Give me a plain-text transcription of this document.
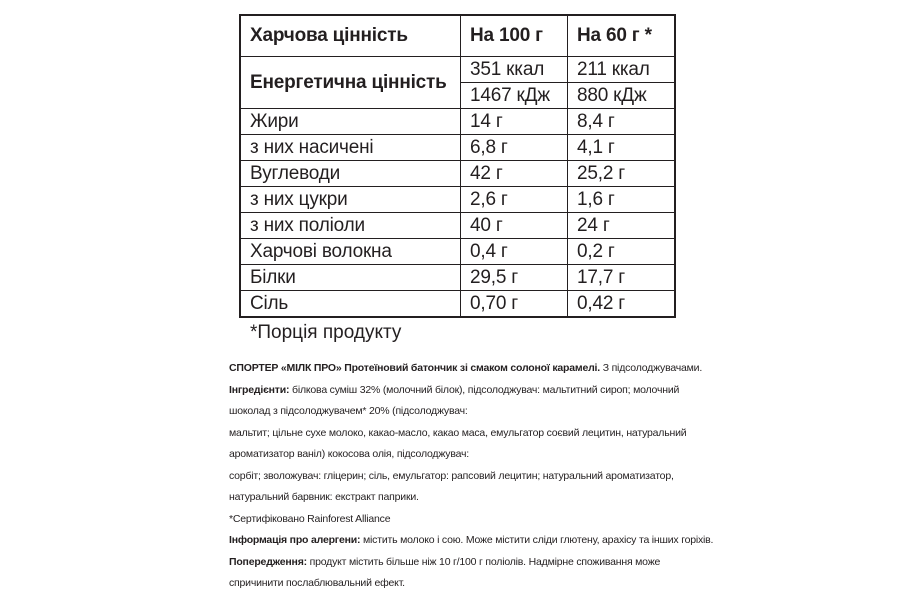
Харчова цінність	На 100 г	На 60 г *
Енергетична цінність	351 ккал	211 ккал
	1467 кДж	880 кДж
Жири	14 г	8,4 г
з них насичені	6,8 г	4,1 г
Вуглеводи	42 г	25,2 г
з них цукри	2,6 г	1,6 г
з них поліоли	40 г	24 г
Харчові волокна	0,4 г	0,2 г
Білки	29,5 г	17,7 г
Сіль	0,70 г	0,42 г

*Порція продукту

СПОРТЕР «МІЛК ПРО» Протеїновий батончик зі смаком солоної карамелі. З підсолоджувачами.

Інгредієнти: білкова суміш 32% (молочний білок), підсолоджувач: мальтитний сироп; молочний

шоколад з підсолоджувачем* 20% (підсолоджувач:

мальтит; цільне сухе молоко, какао-масло, какао маса, емульгатор соєвий лецитин, натуральний

ароматизатор ваніл) кокосова олія, підсолоджувач:

сорбіт; зволожувач: гліцерин; сіль, емульгатор: рапсовий лецитин; натуральний ароматизатор,

натуральний барвник: екстракт паприки.

*Сертифіковано Rainforest Alliance

Інформація про алергени: містить молоко і сою. Може містити сліди глютену, арахісу та інших горіхів.

Попередження: продукт містить більше ніж 10 г/100 г поліолів. Надмірне споживання може

спричинити послаблювальний ефект.
